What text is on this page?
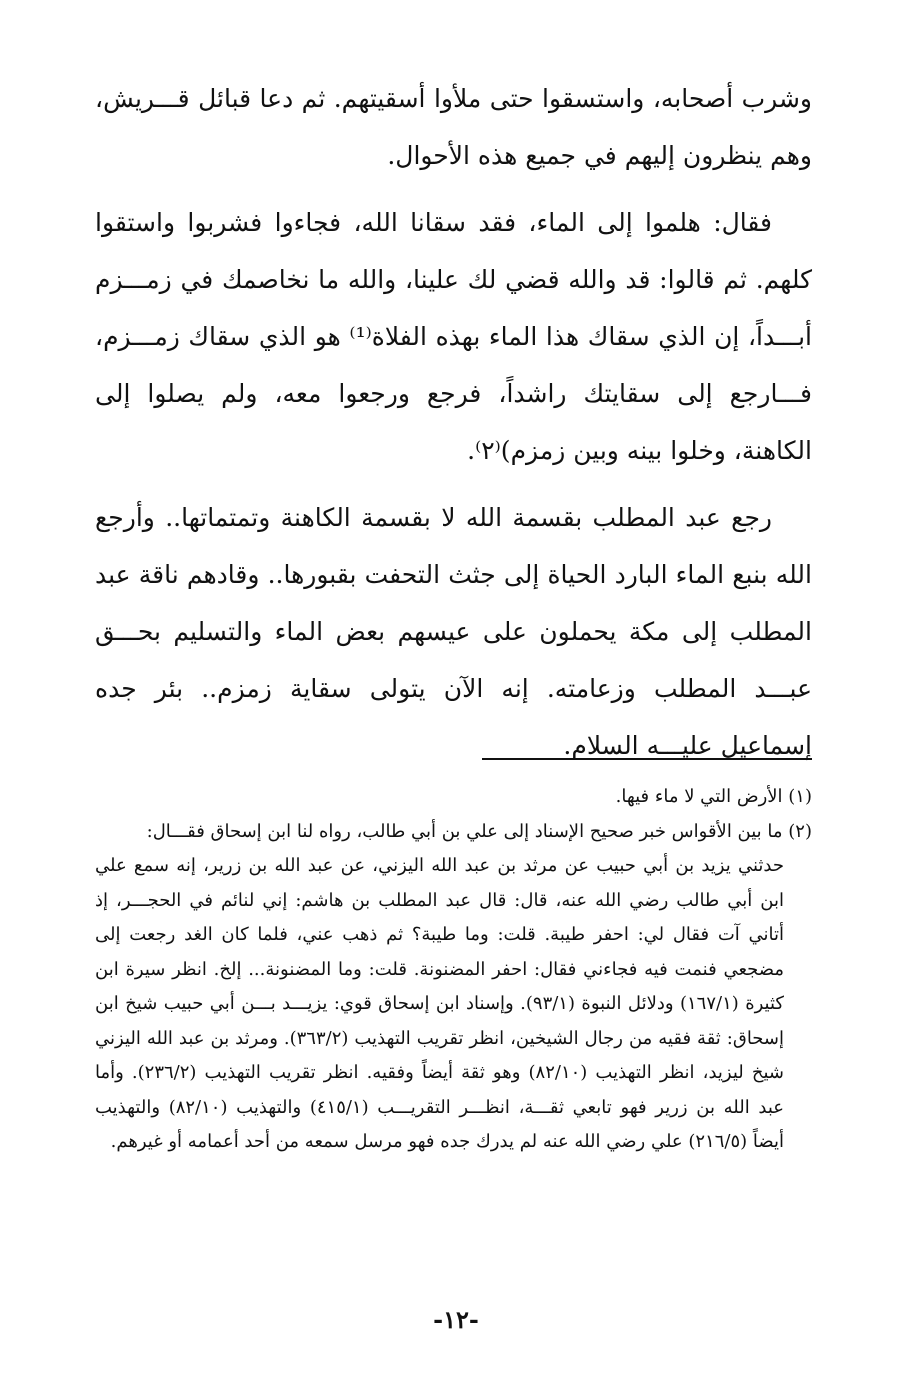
وشرب أصحابه، واستسقوا حتى ملأوا أسقيتهم. ثم دعا قبائل قـــريش، وهم ينظرون إليهم في جميع هذه الأحوال.

فقال: هلموا إلى الماء، فقد سقانا الله، فجاءوا فشربوا واستقوا كلهم. ثم قالوا: قد والله قضي لك علينا، والله ما نخاصمك في زمـــزم أبـــداً، إن الذي سقاك هذا الماء بهذه الفلاة⁽¹⁾ هو الذي سقاك زمـــزم، فـــارجع إلى سقايتك راشداً، فرجع ورجعوا معه، ولم يصلوا إلى الكاهنة، وخلوا بينه وبين زمزم)⁽٢⁾.

رجع عبد المطلب بقسمة الله لا بقسمة الكاهنة وتمتماتها.. وأرجع الله بنبع الماء البارد الحياة إلى جثث التحفت بقبورها.. وقادهم ناقة عبد المطلب إلى مكة يحملون على عيسهم بعض الماء والتسليم بحـــق عبـــد المطلب وزعامته. إنه الآن يتولى سقاية زمزم.. بئر جده إسماعيل عليـــه السلام.

(١) الأرض التي لا ماء فيها.

(٢) ما بين الأقواس خبر صحيح الإسناد إلى علي بن أبي طالب، رواه لنا ابن إسحاق فقـــال:

حدثني يزيد بن أبي حبيب عن مرثد بن عبد الله اليزني، عن عبد الله بن زرير، إنه سمع علي ابن أبي طالب رضي الله عنه، قال: قال عبد المطلب بن هاشم: إني لنائم في الحجـــر، إذ أتاني آت فقال لي: احفر طيبة. قلت: وما طيبة؟ ثم ذهب عني، فلما كان الغد رجعت إلى مضجعي فنمت فيه فجاءني فقال: احفر المضنونة. قلت: وما المضنونة... إلخ. انظر سيرة ابن كثيرة (١٦٧/١) ودلائل النبوة (٩٣/١). وإسناد ابن إسحاق قوي: يزيـــد بـــن أبي حبيب شيخ ابن إسحاق: ثقة فقيه من رجال الشيخين، انظر تقريب التهذيب (٣٦٣/٢). ومرثد بن عبد الله اليزني شيخ ليزيد، انظر التهذيب (٨٢/١٠) وهو ثقة أيضاً وفقيه. انظر تقريب التهذيب (٢٣٦/٢). وأما عبد الله بن زرير فهو تابعي ثقـــة، انظـــر التقريـــب (٤١٥/١) والتهذيب (٨٢/١٠) والتهذيب أيضاً (٢١٦/٥) علي رضي الله عنه لم يدرك جده فهو مرسل سمعه من أحد أعمامه أو غيرهم.

-١٢-
